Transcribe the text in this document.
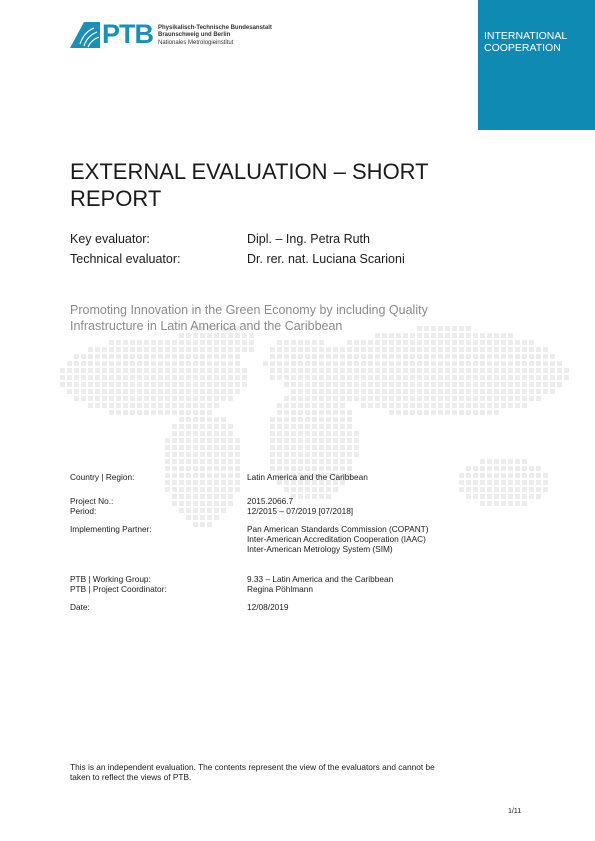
PTB Physikalisch-Technische Bundesanstalt
Braunschweig und Berlin
Nationales Metrologieinstitut
INTERNATIONAL
COOPERATION
EXTERNAL EVALUATION – SHORT
REPORT
Key evaluator:	Dipl. – Ing. Petra Ruth
Technical evaluator:	Dr. rer. nat. Luciana Scarioni
Promoting Innovation in the Green Economy by including Quality
Infrastructure in Latin America and the Caribbean
Country | Region:	Latin America and the Caribbean
Project No.:	2015.2066.7
Period:	12/2015 – 07/2019 [07/2018]
Implementing Partner:	Pan American Standards Commission (COPANT)
Inter-American Accreditation Cooperation (IAAC)
Inter-American Metrology System (SIM)
PTB | Working Group:	9.33 – Latin America and the Caribbean
PTB | Project Coordinator:	Regina Pöhlmann
Date:	12/08/2019
This is an independent evaluation. The contents represent the view of the evaluators and cannot be
taken to reflect the views of PTB.
1/11
